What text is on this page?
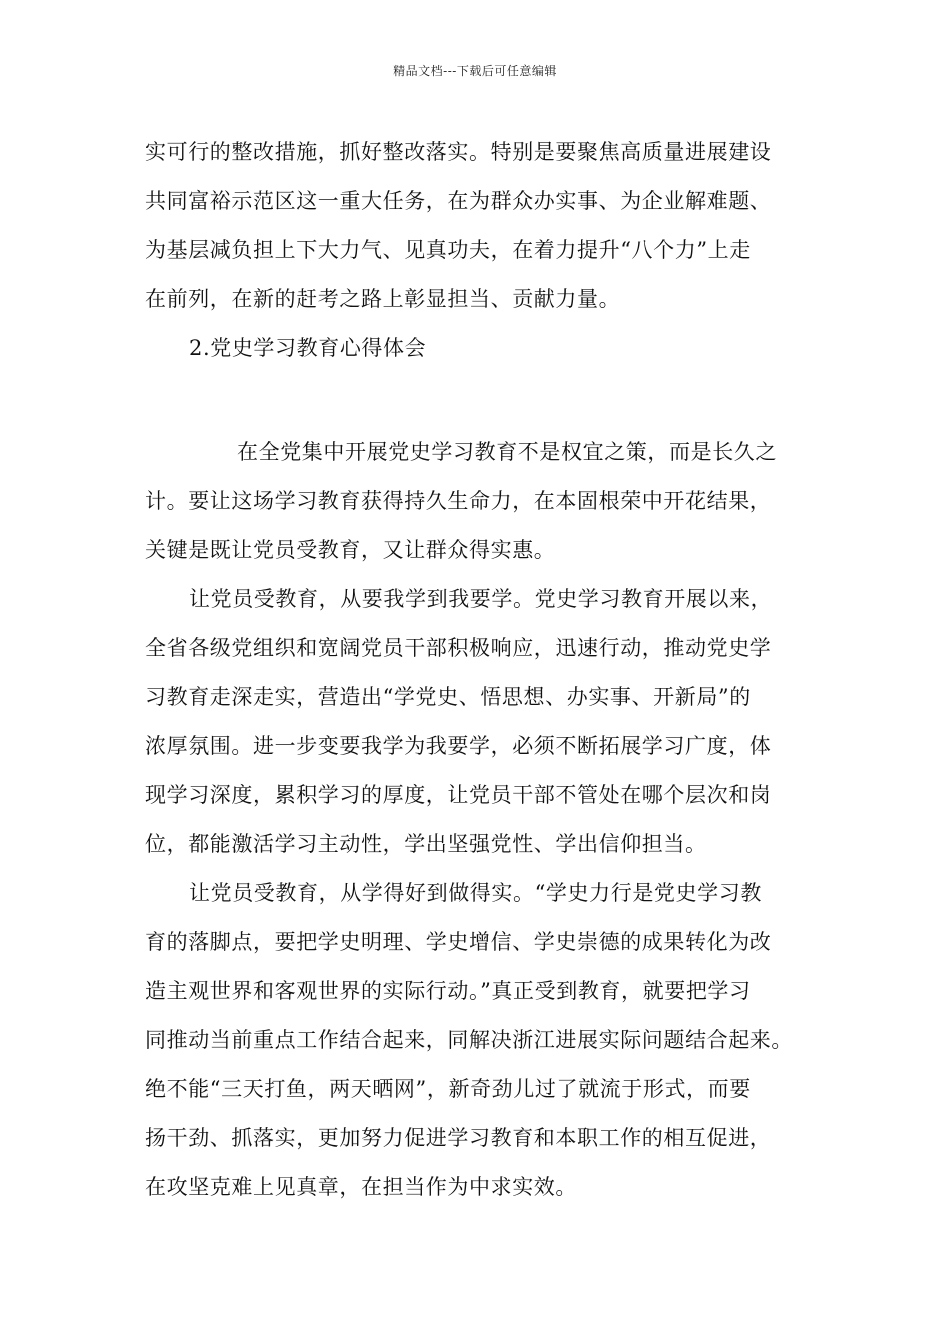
精品文档---下载后可任意编辑
实可行的整改措施，抓好整改落实。特别是要聚焦高质量进展建设
共同富裕示范区这一重大任务，在为群众办实事、为企业解难题、
为基层减负担上下大力气、见真功夫，在着力提升“八个力”上走
在前列，在新的赶考之路上彰显担当、贡献力量。
2.党史学习教育心得体会
在全党集中开展党史学习教育不是权宜之策，而是长久之
计。要让这场学习教育获得持久生命力，在本固根荣中开花结果，
关键是既让党员受教育，又让群众得实惠。
让党员受教育，从要我学到我要学。党史学习教育开展以来，
全省各级党组织和宽阔党员干部积极响应，迅速行动，推动党史学
习教育走深走实，营造出“学党史、悟思想、办实事、开新局”的
浓厚氛围。进一步变要我学为我要学，必须不断拓展学习广度，体
现学习深度，累积学习的厚度，让党员干部不管处在哪个层次和岗
位，都能激活学习主动性，学出坚强党性、学出信仰担当。
让党员受教育，从学得好到做得实。“学史力行是党史学习教
育的落脚点，要把学史明理、学史增信、学史崇德的成果转化为改
造主观世界和客观世界的实际行动。”真正受到教育，就要把学习
同推动当前重点工作结合起来，同解决浙江进展实际问题结合起来。
绝不能“三天打鱼，两天晒网”，新奇劲儿过了就流于形式，而要
扬干劲、抓落实，更加努力促进学习教育和本职工作的相互促进，
在攻坚克难上见真章，在担当作为中求实效。
